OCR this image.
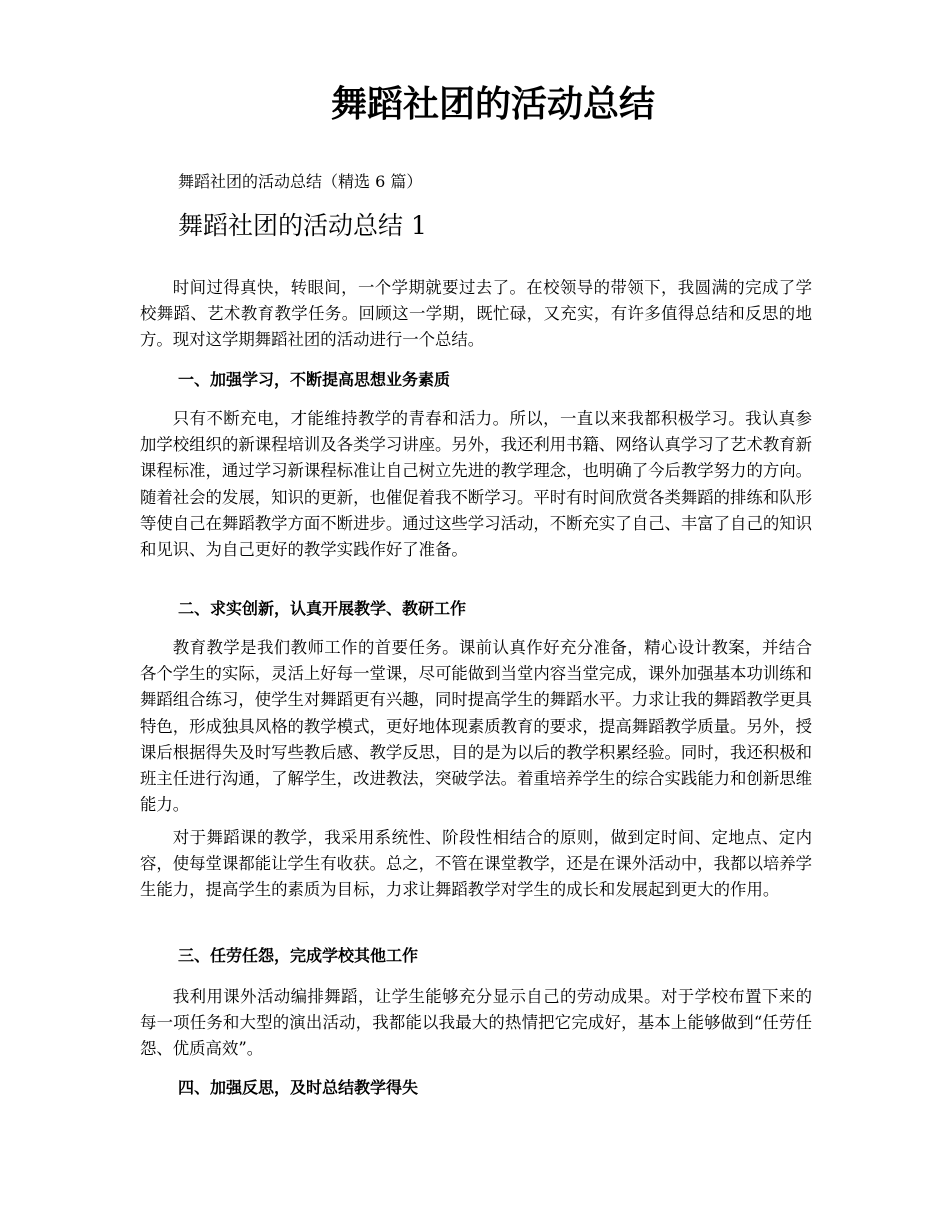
舞蹈社团的活动总结
舞蹈社团的活动总结（精选 6 篇）
舞蹈社团的活动总结 1

时间过得真快，转眼间，一个学期就要过去了。在校领导的带领下，我圆满的完成了学校舞蹈、艺术教育教学任务。回顾这一学期，既忙碌，又充实，有许多值得总结和反思的地方。现对这学期舞蹈社团的活动进行一个总结。

一、加强学习，不断提高思想业务素质

只有不断充电，才能维持教学的青春和活力。所以，一直以来我都积极学习。我认真参加学校组织的新课程培训及各类学习讲座。另外，我还利用书籍、网络认真学习了艺术教育新课程标准，通过学习新课程标准让自己树立先进的教学理念，也明确了今后教学努力的方向。随着社会的发展，知识的更新，也催促着我不断学习。平时有时间欣赏各类舞蹈的排练和队形等使自己在舞蹈教学方面不断进步。通过这些学习活动，不断充实了自己、丰富了自己的知识和见识、为自己更好的教学实践作好了准备。

二、求实创新，认真开展教学、教研工作

教育教学是我们教师工作的首要任务。课前认真作好充分准备，精心设计教案，并结合各个学生的实际，灵活上好每一堂课，尽可能做到当堂内容当堂完成，课外加强基本功训练和舞蹈组合练习，使学生对舞蹈更有兴趣，同时提高学生的舞蹈水平。力求让我的舞蹈教学更具特色，形成独具风格的教学模式，更好地体现素质教育的要求，提高舞蹈教学质量。另外，授课后根据得失及时写些教后感、教学反思，目的是为以后的教学积累经验。同时，我还积极和班主任进行沟通，了解学生，改进教法，突破学法。着重培养学生的综合实践能力和创新思维能力。

对于舞蹈课的教学，我采用系统性、阶段性相结合的原则，做到定时间、定地点、定内容，使每堂课都能让学生有收获。总之，不管在课堂教学，还是在课外活动中，我都以培养学生能力，提高学生的素质为目标，力求让舞蹈教学对学生的成长和发展起到更大的作用。

三、任劳任怨，完成学校其他工作

我利用课外活动编排舞蹈，让学生能够充分显示自己的劳动成果。对于学校布置下来的每一项任务和大型的演出活动，我都能以我最大的热情把它完成好，基本上能够做到“任劳任怨、优质高效”。

四、加强反思，及时总结教学得失
